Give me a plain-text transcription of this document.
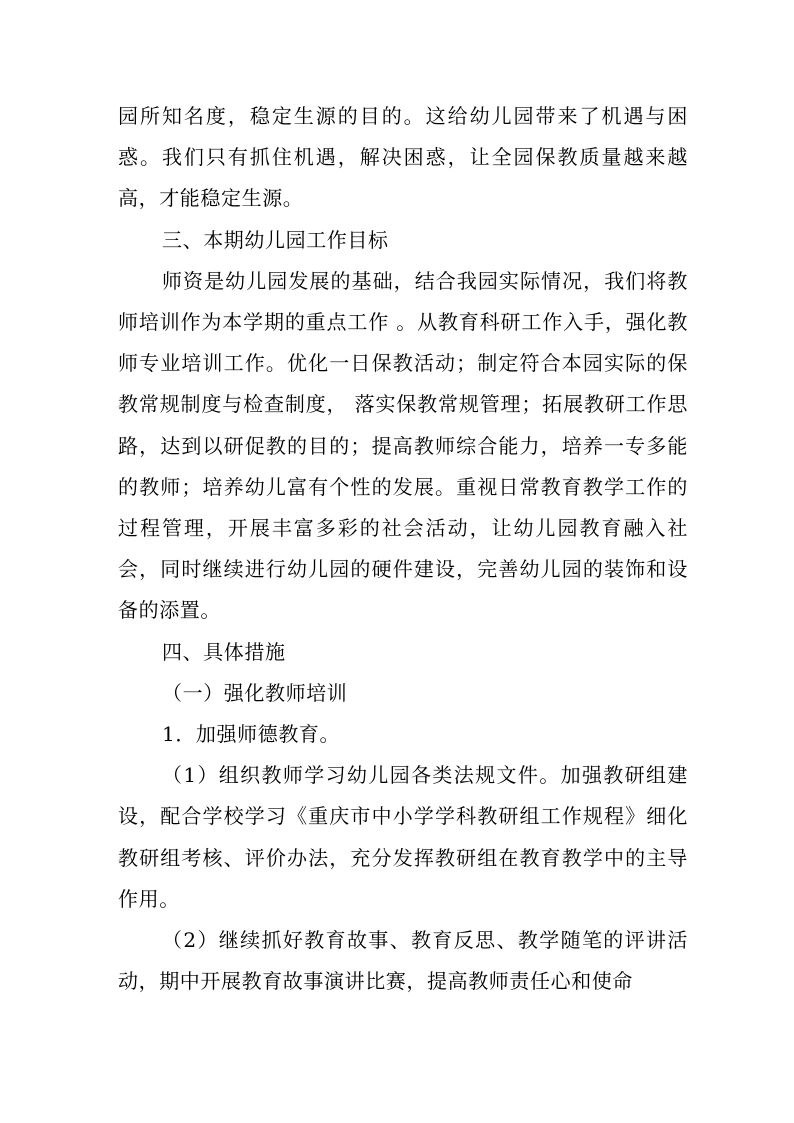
园所知名度，稳定生源的目的。这给幼儿园带来了机遇与困惑。我们只有抓住机遇，解决困惑，让全园保教质量越来越高，才能稳定生源。

三、本期幼儿园工作目标

师资是幼儿园发展的基础，结合我园实际情况，我们将教师培训作为本学期的重点工作 。从教育科研工作入手，强化教师专业培训工作。优化一日保教活动；制定符合本园实际的保教常规制度与检查制度， 落实保教常规管理；拓展教研工作思路，达到以研促教的目的；提高教师综合能力，培养一专多能的教师；培养幼儿富有个性的发展。重视日常教育教学工作的过程管理，开展丰富多彩的社会活动，让幼儿园教育融入社会，同时继续进行幼儿园的硬件建设，完善幼儿园的装饰和设备的添置。

四、具体措施

（一）强化教师培训

1．加强师德教育。

（1）组织教师学习幼儿园各类法规文件。加强教研组建设，配合学校学习《重庆市中小学学科教研组工作规程》细化教研组考核、评价办法，充分发挥教研组在教育教学中的主导作用。

（2）继续抓好教育故事、教育反思、教学随笔的评讲活动，期中开展教育故事演讲比赛，提高教师责任心和使命
